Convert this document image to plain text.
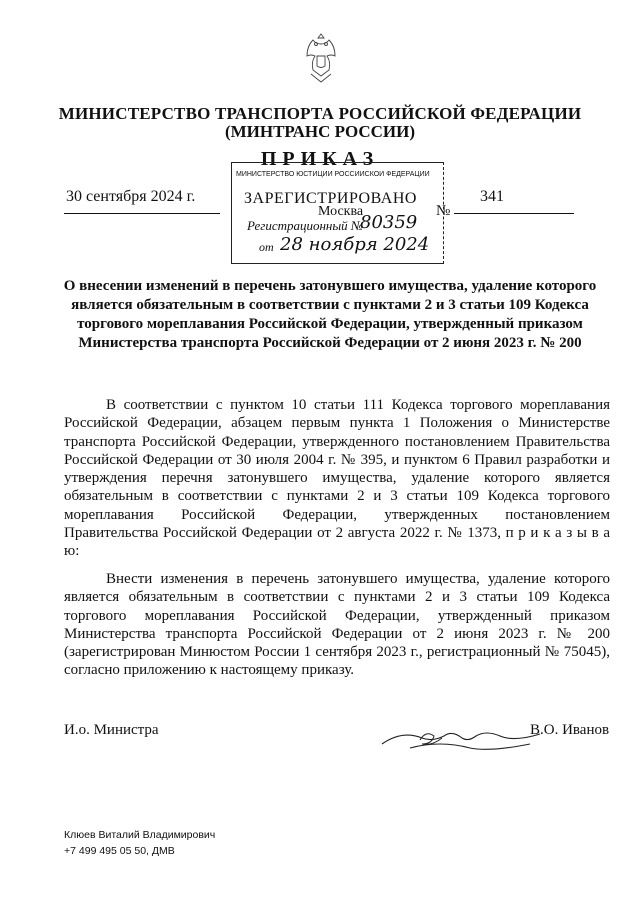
МИНИСТЕРСТВО ТРАНСПОРТА РОССИЙСКОЙ ФЕДЕРАЦИИ
(МИНТРАНС РОССИИ)
ПРИКАЗ
30 сентября 2024 г.
№
341
МИНИСТЕРСТВО ЮСТИЦИИ РОССИЙСКОЙ ФЕДЕРАЦИИ
ЗАРЕГИСТРИРОВАНО
Москва
Регистрационный №
80359
от 28 ноября 2024
О внесении изменений в перечень затонувшего имущества, удаление которого является обязательным в соответствии с пунктами 2 и 3 статьи 109 Кодекса торгового мореплавания Российской Федерации, утвержденный приказом Министерства транспорта Российской Федерации от 2 июня 2023 г. № 200
В соответствии с пунктом 10 статьи 111 Кодекса торгового мореплавания Российской Федерации, абзацем первым пункта 1 Положения о Министерстве транспорта Российской Федерации, утвержденного постановлением Правительства Российской Федерации от 30 июля 2004 г. № 395, и пунктом 6 Правил разработки и утверждения перечня затонувшего имущества, удаление которого является обязательным в соответствии с пунктами 2 и 3 статьи 109 Кодекса торгового мореплавания Российской Федерации, утвержденных постановлением Правительства Российской Федерации от 2 августа 2022 г. № 1373, п р и к а з ы в а ю:
Внести изменения в перечень затонувшего имущества, удаление которого является обязательным в соответствии с пунктами 2 и 3 статьи 109 Кодекса торгового мореплавания Российской Федерации, утвержденный приказом Министерства транспорта Российской Федерации от 2 июня 2023 г. № 200 (зарегистрирован Минюстом России 1 сентября 2023 г., регистрационный № 75045), согласно приложению к настоящему приказу.
И.о. Министра	В.О. Иванов
Клюев Виталий Владимирович
+7 499 495 05 50, ДМВ
